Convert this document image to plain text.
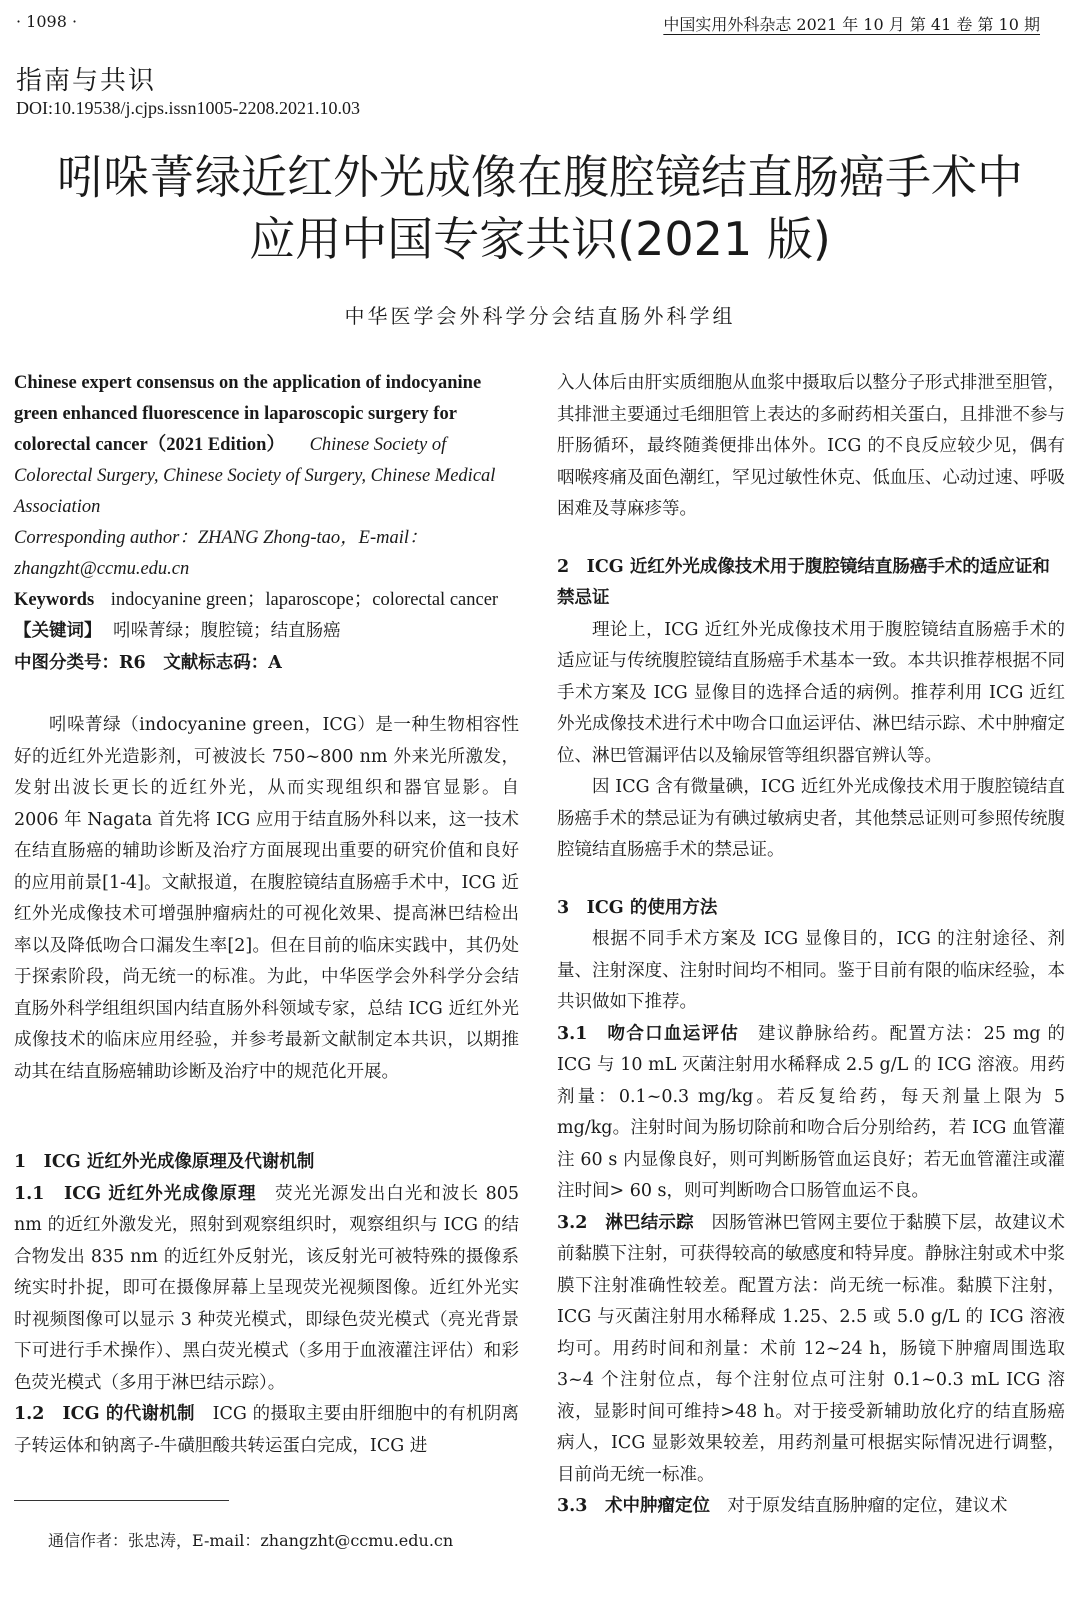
· 1098 ·	中国实用外科杂志 2021 年 10 月 第 41 卷 第 10 期
指南与共识
DOI:10.19538/j.cjps.issn1005-2208.2021.10.03
吲哚菁绿近红外光成像在腹腔镜结直肠癌手术中
应用中国专家共识(2021 版)
中华医学会外科学分会结直肠外科学组
Chinese expert consensus on the application of indocyanine green enhanced fluorescence in laparoscopic surgery for colorectal cancer（2021 Edition） Chinese Society of Colorectal Surgery, Chinese Society of Surgery, Chinese Medical Association
Corresponding author：ZHANG Zhong-tao，E-mail：zhangzht@ccmu.edu.cn
Keywords indocyanine green；laparoscope；colorectal cancer
【关键词】 吲哚菁绿；腹腔镜；结直肠癌
中图分类号：R6　文献标志码：A

吲哚菁绿（indocyanine green，ICG）是一种生物相容性好的近红外光造影剂，可被波长 750~800 nm 外来光所激发，发射出波长更长的近红外光，从而实现组织和器官显影。自 2006 年 Nagata 首先将 ICG 应用于结直肠外科以来，这一技术在结直肠癌的辅助诊断及治疗方面展现出重要的研究价值和良好的应用前景[1-4]。文献报道，在腹腔镜结直肠癌手术中，ICG 近红外光成像技术可增强肿瘤病灶的可视化效果、提高淋巴结检出率以及降低吻合口漏发生率[2]。但在目前的临床实践中，其仍处于探索阶段，尚无统一的标准。为此，中华医学会外科学分会结直肠外科学组组织国内结直肠外科领域专家，总结 ICG 近红外光成像技术的临床应用经验，并参考最新文献制定本共识，以期推动其在结直肠癌辅助诊断及治疗中的规范化开展。

1　ICG 近红外光成像原理及代谢机制

1.1　ICG 近红外光成像原理　 荧光光源发出白光和波长 805 nm 的近红外激发光，照射到观察组织时，观察组织与 ICG 的结合物发出 835 nm 的近红外反射光，该反射光可被特殊的摄像系统实时扑捉，即可在摄像屏幕上呈现荧光视频图像。近红外光实时视频图像可以显示 3 种荧光模式，即绿色荧光模式（亮光背景下可进行手术操作）、黑白荧光模式（多用于血液灌注评估）和彩色荧光模式（多用于淋巴结示踪）。

1.2　ICG 的代谢机制　 ICG 的摄取主要由肝细胞中的有机阴离子转运体和钠离子-牛磺胆酸共转运蛋白完成，ICG 进

通信作者：张忠涛，E-mail：zhangzht@ccmu.edu.cn

入人体后由肝实质细胞从血浆中摄取后以整分子形式排泄至胆管，其排泄主要通过毛细胆管上表达的多耐药相关蛋白，且排泄不参与肝肠循环，最终随粪便排出体外。ICG 的不良反应较少见，偶有咽喉疼痛及面色潮红，罕见过敏性休克、低血压、心动过速、呼吸困难及荨麻疹等。

2　ICG 近红外光成像技术用于腹腔镜结直肠癌手术的适应证和禁忌证

理论上，ICG 近红外光成像技术用于腹腔镜结直肠癌手术的适应证与传统腹腔镜结直肠癌手术基本一致。本共识推荐根据不同手术方案及 ICG 显像目的选择合适的病例。推荐利用 ICG 近红外光成像技术进行术中吻合口血运评估、淋巴结示踪、术中肿瘤定位、淋巴管漏评估以及输尿管等组织器官辨认等。

因 ICG 含有微量碘，ICG 近红外光成像技术用于腹腔镜结直肠癌手术的禁忌证为有碘过敏病史者，其他禁忌证则可参照传统腹腔镜结直肠癌手术的禁忌证。

3　ICG 的使用方法

根据不同手术方案及 ICG 显像目的，ICG 的注射途径、剂量、注射深度、注射时间均不相同。鉴于目前有限的临床经验，本共识做如下推荐。

3.1　吻合口血运评估　 建议静脉给药。配置方法：25 mg 的 ICG 与 10 mL 灭菌注射用水稀释成 2.5 g/L 的 ICG 溶液。用药剂量：0.1~0.3 mg/kg。若反复给药，每天剂量上限为 5 mg/kg。注射时间为肠切除前和吻合后分别给药，若 ICG 血管灌注 60 s 内显像良好，则可判断肠管血运良好；若无血管灌注或灌注时间> 60 s，则可判断吻合口肠管血运不良。

3.2　淋巴结示踪　 因肠管淋巴管网主要位于黏膜下层，故建议术前黏膜下注射，可获得较高的敏感度和特异度。静脉注射或术中浆膜下注射准确性较差。配置方法：尚无统一标准。黏膜下注射，ICG 与灭菌注射用水稀释成 1.25、2.5 或 5.0 g/L 的 ICG 溶液均可。用药时间和剂量：术前 12~24 h，肠镜下肿瘤周围选取 3~4 个注射位点，每个注射位点可注射 0.1~0.3 mL ICG 溶液，显影时间可维持>48 h。对于接受新辅助放化疗的结直肠癌病人，ICG 显影效果较差，用药剂量可根据实际情况进行调整，目前尚无统一标准。

3.3　术中肿瘤定位　 对于原发结直肠肿瘤的定位，建议术
